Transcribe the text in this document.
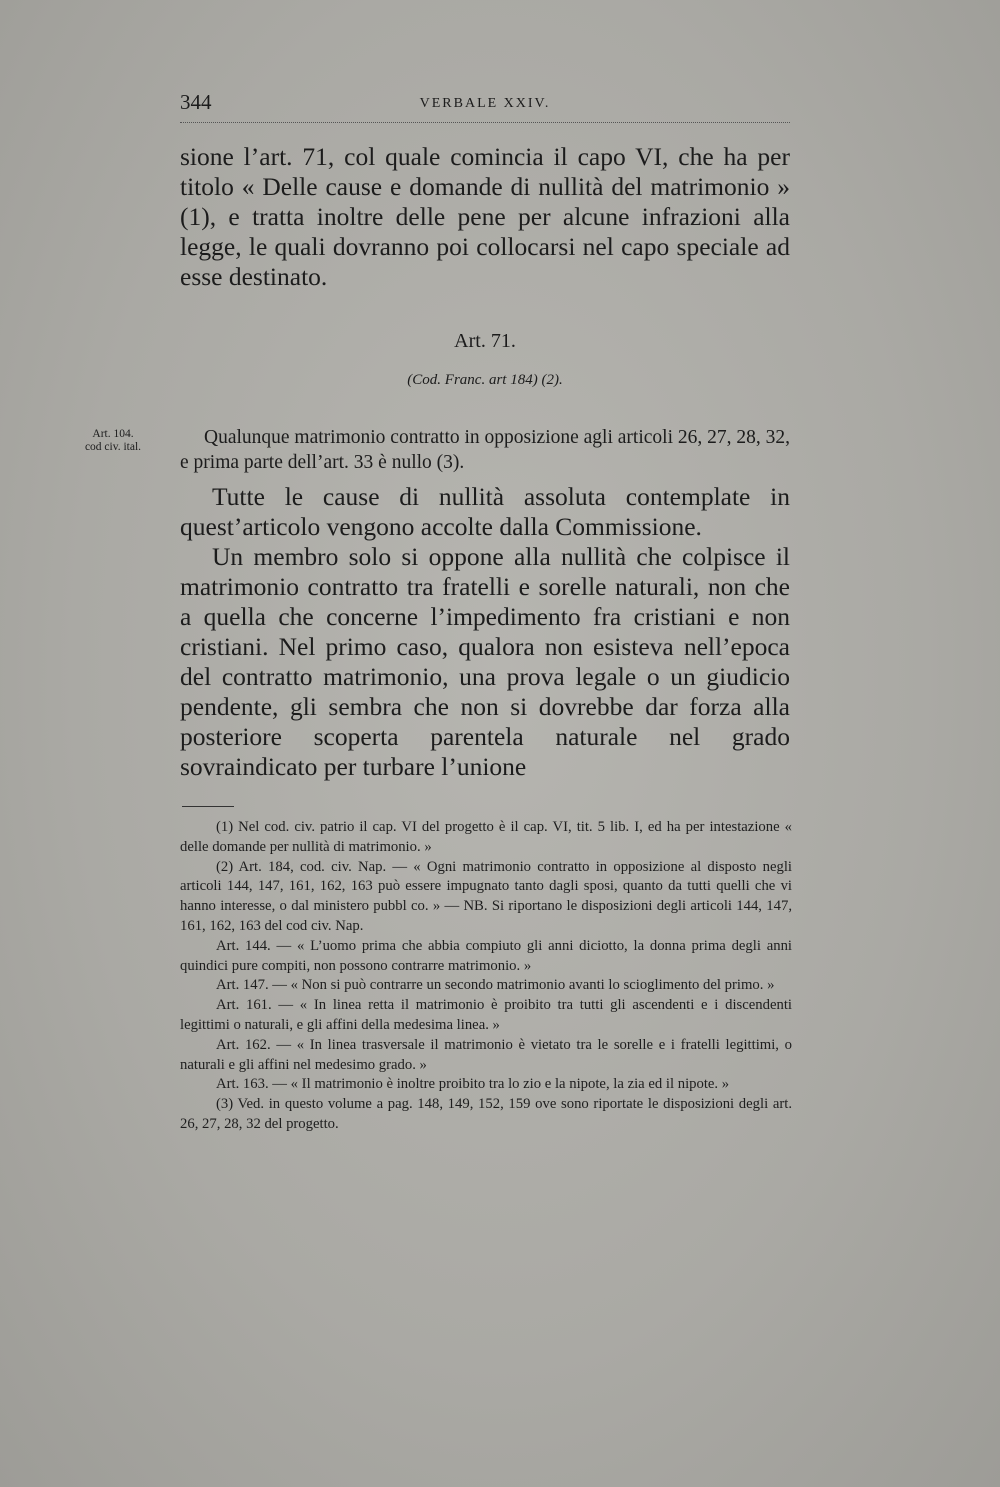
344	VERBALE XXIV.

sione l’art. 71, col quale comincia il capo VI, che ha per titolo « Delle cause e domande di nullità del matrimonio » (1), e tratta inoltre delle pene per alcune infrazioni alla legge, le quali dovranno poi collocarsi nel capo speciale ad esse destinato.

Art. 71.
(Cod. Franc. art 184) (2).
Art. 104.
cod civ. ital.	Qualunque matrimonio contratto in opposizione agli articoli 26, 27, 28, 32, e prima parte dell’art. 33 è nullo (3).

Tutte le cause di nullità assoluta contemplate in quest’articolo vengono accolte dalla Commissione.

Un membro solo si oppone alla nullità che colpisce il matrimonio contratto tra fratelli e sorelle naturali, non che a quella che concerne l’impedimento fra cristiani e non cristiani. Nel primo caso, qualora non esisteva nell’epoca del contratto matrimonio, una prova legale o un giudicio pendente, gli sembra che non si dovrebbe dar forza alla posteriore scoperta parentela naturale nel grado sovraindicato per turbare l’unione

(1) Nel cod. civ. patrio il cap. VI del progetto è il cap. VI, tit. 5 lib. I, ed ha per intestazione « delle domande per nullità di matrimonio. »

(2) Art. 184, cod. civ. Nap. — « Ogni matrimonio contratto in opposizione al disposto negli articoli 144, 147, 161, 162, 163 può essere impugnato tanto dagli sposi, quanto da tutti quelli che vi hanno interesse, o dal ministero pubbl co. » — NB. Si riportano le disposizioni degli articoli 144, 147, 161, 162, 163 del cod civ. Nap.

Art. 144. — « L’uomo prima che abbia compiuto gli anni diciotto, la donna prima degli anni quindici pure compiti, non possono contrarre matrimonio. »

Art. 147. — « Non si può contrarre un secondo matrimonio avanti lo scioglimento del primo. »

Art. 161. — « In linea retta il matrimonio è proibito tra tutti gli ascendenti e i discendenti legittimi o naturali, e gli affini della medesima linea. »

Art. 162. — « In linea trasversale il matrimonio è vietato tra le sorelle e i fratelli legittimi, o naturali e gli affini nel medesimo grado. »

Art. 163. — « Il matrimonio è inoltre proibito tra lo zio e la nipote, la zia ed il nipote. »

(3) Ved. in questo volume a pag. 148, 149, 152, 159 ove sono riportate le disposizioni degli art. 26, 27, 28, 32 del progetto.
